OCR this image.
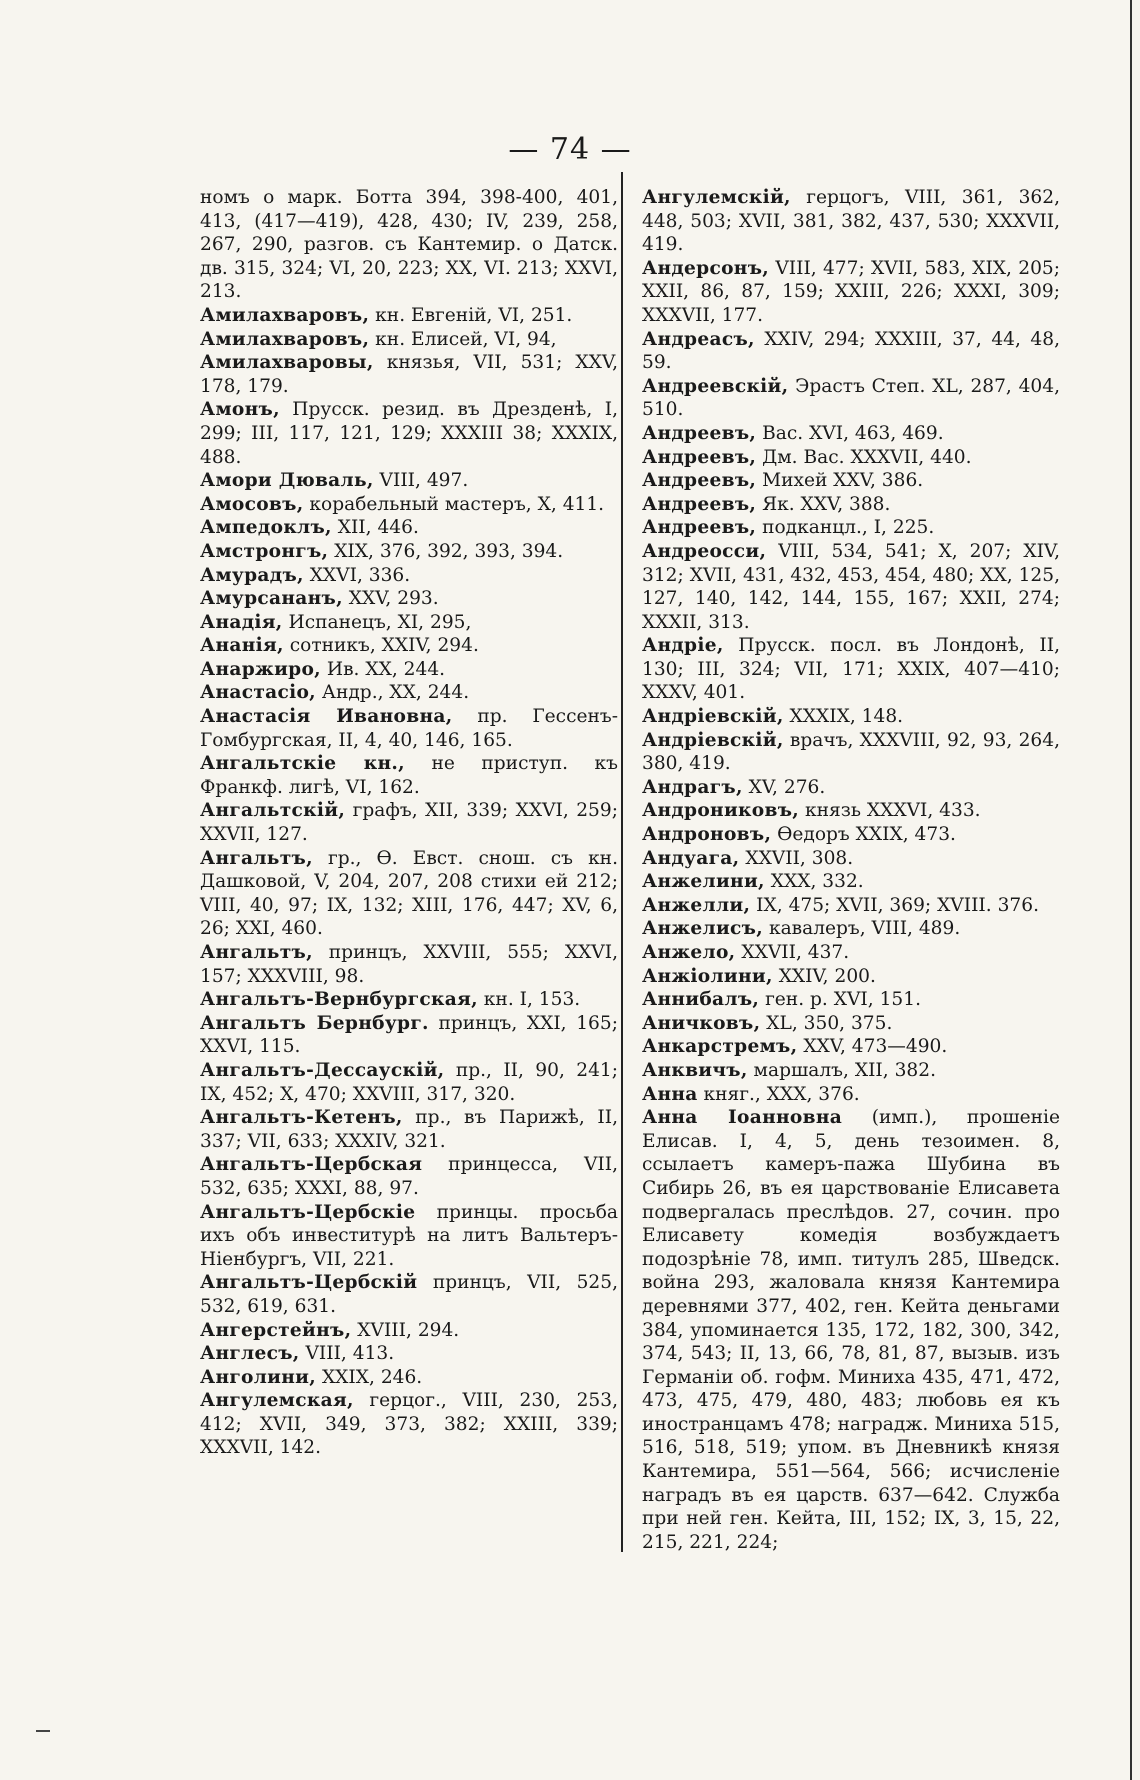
— 74 —

номъ о марк. Ботта 394, 398-400, 401, 413, (417—419), 428, 430; IV, 239, 258, 267, 290, разгов. съ Кантемир. о Датск. дв. 315, 324; VI, 20, 223; XX, VI. 213; XXVI, 213.

Амилахваровъ, кн. Евгеній, VI, 251.

Амилахваровъ, кн. Елисей, VI, 94,

Амилахваровы, князья, VII, 531; XXV, 178, 179.

Амонъ, Прусск. резид. въ Дрезденѣ, I, 299; III, 117, 121, 129; XXXIII 38; XXXIX, 488.

Амори Дюваль, VIII, 497.

Амосовъ, корабельный мастеръ, X, 411.

Ампедоклъ, XII, 446.

Амстронгъ, XIX, 376, 392, 393, 394.

Амурадъ, XXVI, 336.

Амурсананъ, XXV, 293.

Анадія, Испанецъ, XI, 295,

Ананія, сотникъ, XXIV, 294.

Анаржиро, Ив. XX, 244.

Анастасіо, Андр., XX, 244.

Анастасія Ивановна, пр. Гессенъ-Гомбургская, II, 4, 40, 146, 165.

Ангальтскіе кн., не приступ. къ Франкф. лигѣ, VI, 162.

Ангальтскій, графъ, XII, 339; XXVI, 259; XXVII, 127.

Ангальтъ, гр., Ѳ. Евст. снош. съ кн. Дашковой, V, 204, 207, 208 стихи ей 212; VIII, 40, 97; IX, 132; XIII, 176, 447; XV, 6, 26; XXI, 460.

Ангальтъ, принцъ, XXVIII, 555; XXVI, 157; XXXVIII, 98.

Ангальтъ-Вернбургская, кн. I, 153.

Ангальтъ Бернбург. принцъ, XXI, 165; XXVI, 115.

Ангальтъ-Дессаускій, пр., II, 90, 241; IX, 452; X, 470; XXVIII, 317, 320.

Ангальтъ-Кетенъ, пр., въ Парижѣ, II, 337; VII, 633; XXXIV, 321.

Ангальтъ-Цербская принцесса, VII, 532, 635; XXXI, 88, 97.

Ангальтъ-Цербскіе принцы. просьба ихъ объ инвеститурѣ на литъ Вальтеръ-Ніенбургъ, VII, 221.

Ангальтъ-Цербскій принцъ, VII, 525, 532, 619, 631.

Ангерстейнъ, XVIII, 294.

Англесъ, VIII, 413.

Анголини, XXIX, 246.

Ангулемская, герцог., VIII, 230, 253, 412; XVII, 349, 373, 382; XXIII, 339; XXXVII, 142.

Ангулемскій, герцогъ, VIII, 361, 362, 448, 503; XVII, 381, 382, 437, 530; XXXVII, 419.

Андерсонъ, VIII, 477; XVII, 583, XIX, 205; XXII, 86, 87, 159; XXIII, 226; XXXI, 309; XXXVII, 177.

Андреасъ, XXIV, 294; XXXIII, 37, 44, 48, 59.

Андреевскій, Эрастъ Степ. XL, 287, 404, 510.

Андреевъ, Вас. XVI, 463, 469.

Андреевъ, Дм. Вас. XXXVII, 440.

Андреевъ, Михей XXV, 386.

Андреевъ, Як. XXV, 388.

Андреевъ, подканцл., I, 225.

Андреосси, VIII, 534, 541; X, 207; XIV, 312; XVII, 431, 432, 453, 454, 480; XX, 125, 127, 140, 142, 144, 155, 167; XXII, 274; XXXII, 313.

Андріе, Прусск. посл. въ Лондонѣ, II, 130; III, 324; VII, 171; XXIX, 407—410; XXXV, 401.

Андріевскій, XXXIX, 148.

Андріевскій, врачъ, XXXVIII, 92, 93, 264, 380, 419.

Андрагъ, XV, 276.

Андрониковъ, князь XXXVI, 433.

Андроновъ, Ѳедоръ XXIX, 473.

Андуага, XXVII, 308.

Анжелини, XXX, 332.

Анжелли, IX, 475; XVII, 369; XVIII. 376.

Анжелисъ, кавалеръ, VIII, 489.

Анжело, XXVII, 437.

Анжіолини, XXIV, 200.

Аннибалъ, ген. р. XVI, 151.

Аничковъ, XL, 350, 375.

Анкарстремъ, XXV, 473—490.

Анквичъ, маршалъ, XII, 382.

Анна княг., XXX, 376.

Анна Іоанновна (имп.), прошеніе Елисав. I, 4, 5, день тезоимен. 8, ссылаетъ камеръ-пажа Шубина въ Сибирь 26, въ ея царствованіе Елисавета подвергалась преслѣдов. 27, сочин. про Елисавету комедія возбуждаетъ подозрѣніе 78, имп. титулъ 285, Шведск. война 293, жаловала князя Кантемира деревнями 377, 402, ген. Кейта деньгами 384, упоминается 135, 172, 182, 300, 342, 374, 543; II, 13, 66, 78, 81, 87, вызыв. изъ Германіи об. гофм. Миниха 435, 471, 472, 473, 475, 479, 480, 483; любовь ея къ иностранцамъ 478; наградж. Миниха 515, 516, 518, 519; упом. въ Дневникѣ князя Кантемира, 551—564, 566; исчисленіе наградъ въ ея царств. 637—642. Служба при ней ген. Кейта, III, 152; IX, 3, 15, 22, 215, 221, 224;
